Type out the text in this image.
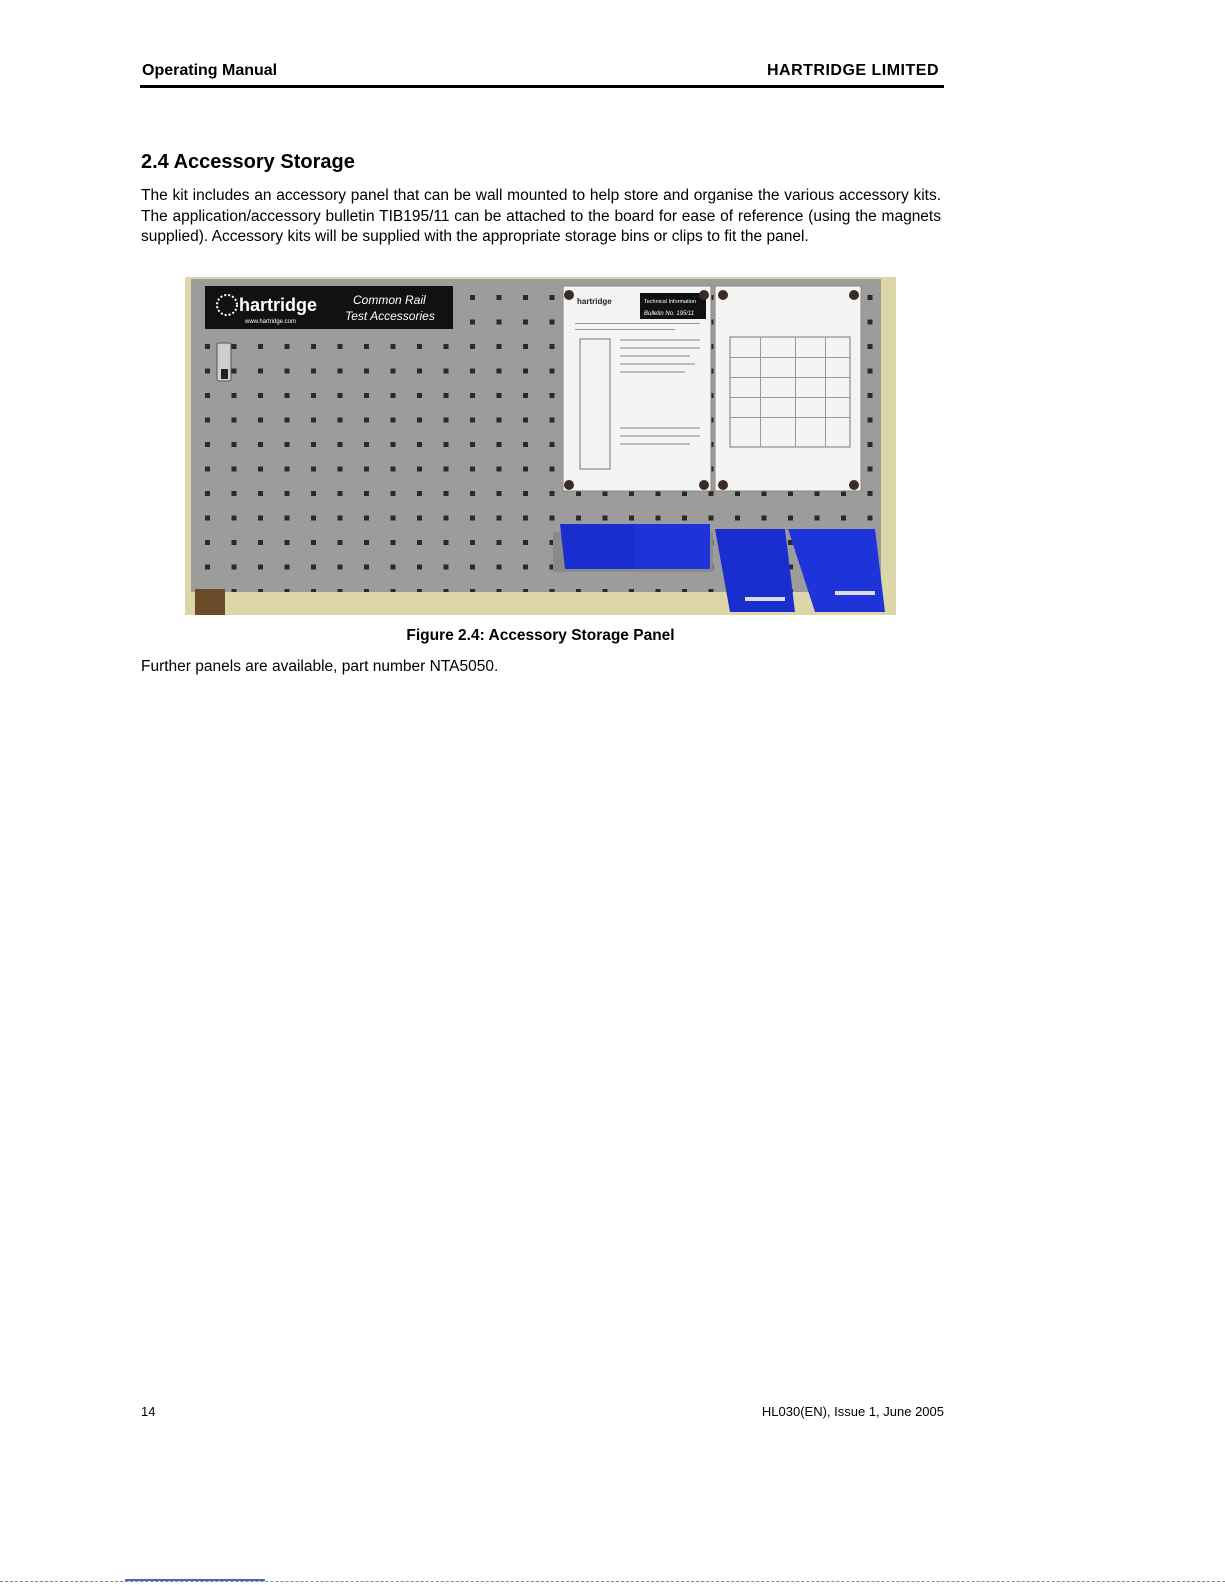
Operating Manual	HARTRIDGE LIMITED
2.4 Accessory Storage
The kit includes an accessory panel that can be wall mounted to help store and organise the various accessory kits. The application/accessory bulletin TIB195/11 can be attached to the board for ease of reference (using the magnets supplied). Accessory kits will be supplied with the appropriate storage bins or clips to fit the panel.
hartridge
www.hartridge.com
Common Rail
Test Accessories
hartridge	Technical Information
Bulletin No. 195/11
Figure 2.4: Accessory Storage Panel
Further panels are available, part number NTA5050.
14	HL030(EN), Issue 1, June 2005
